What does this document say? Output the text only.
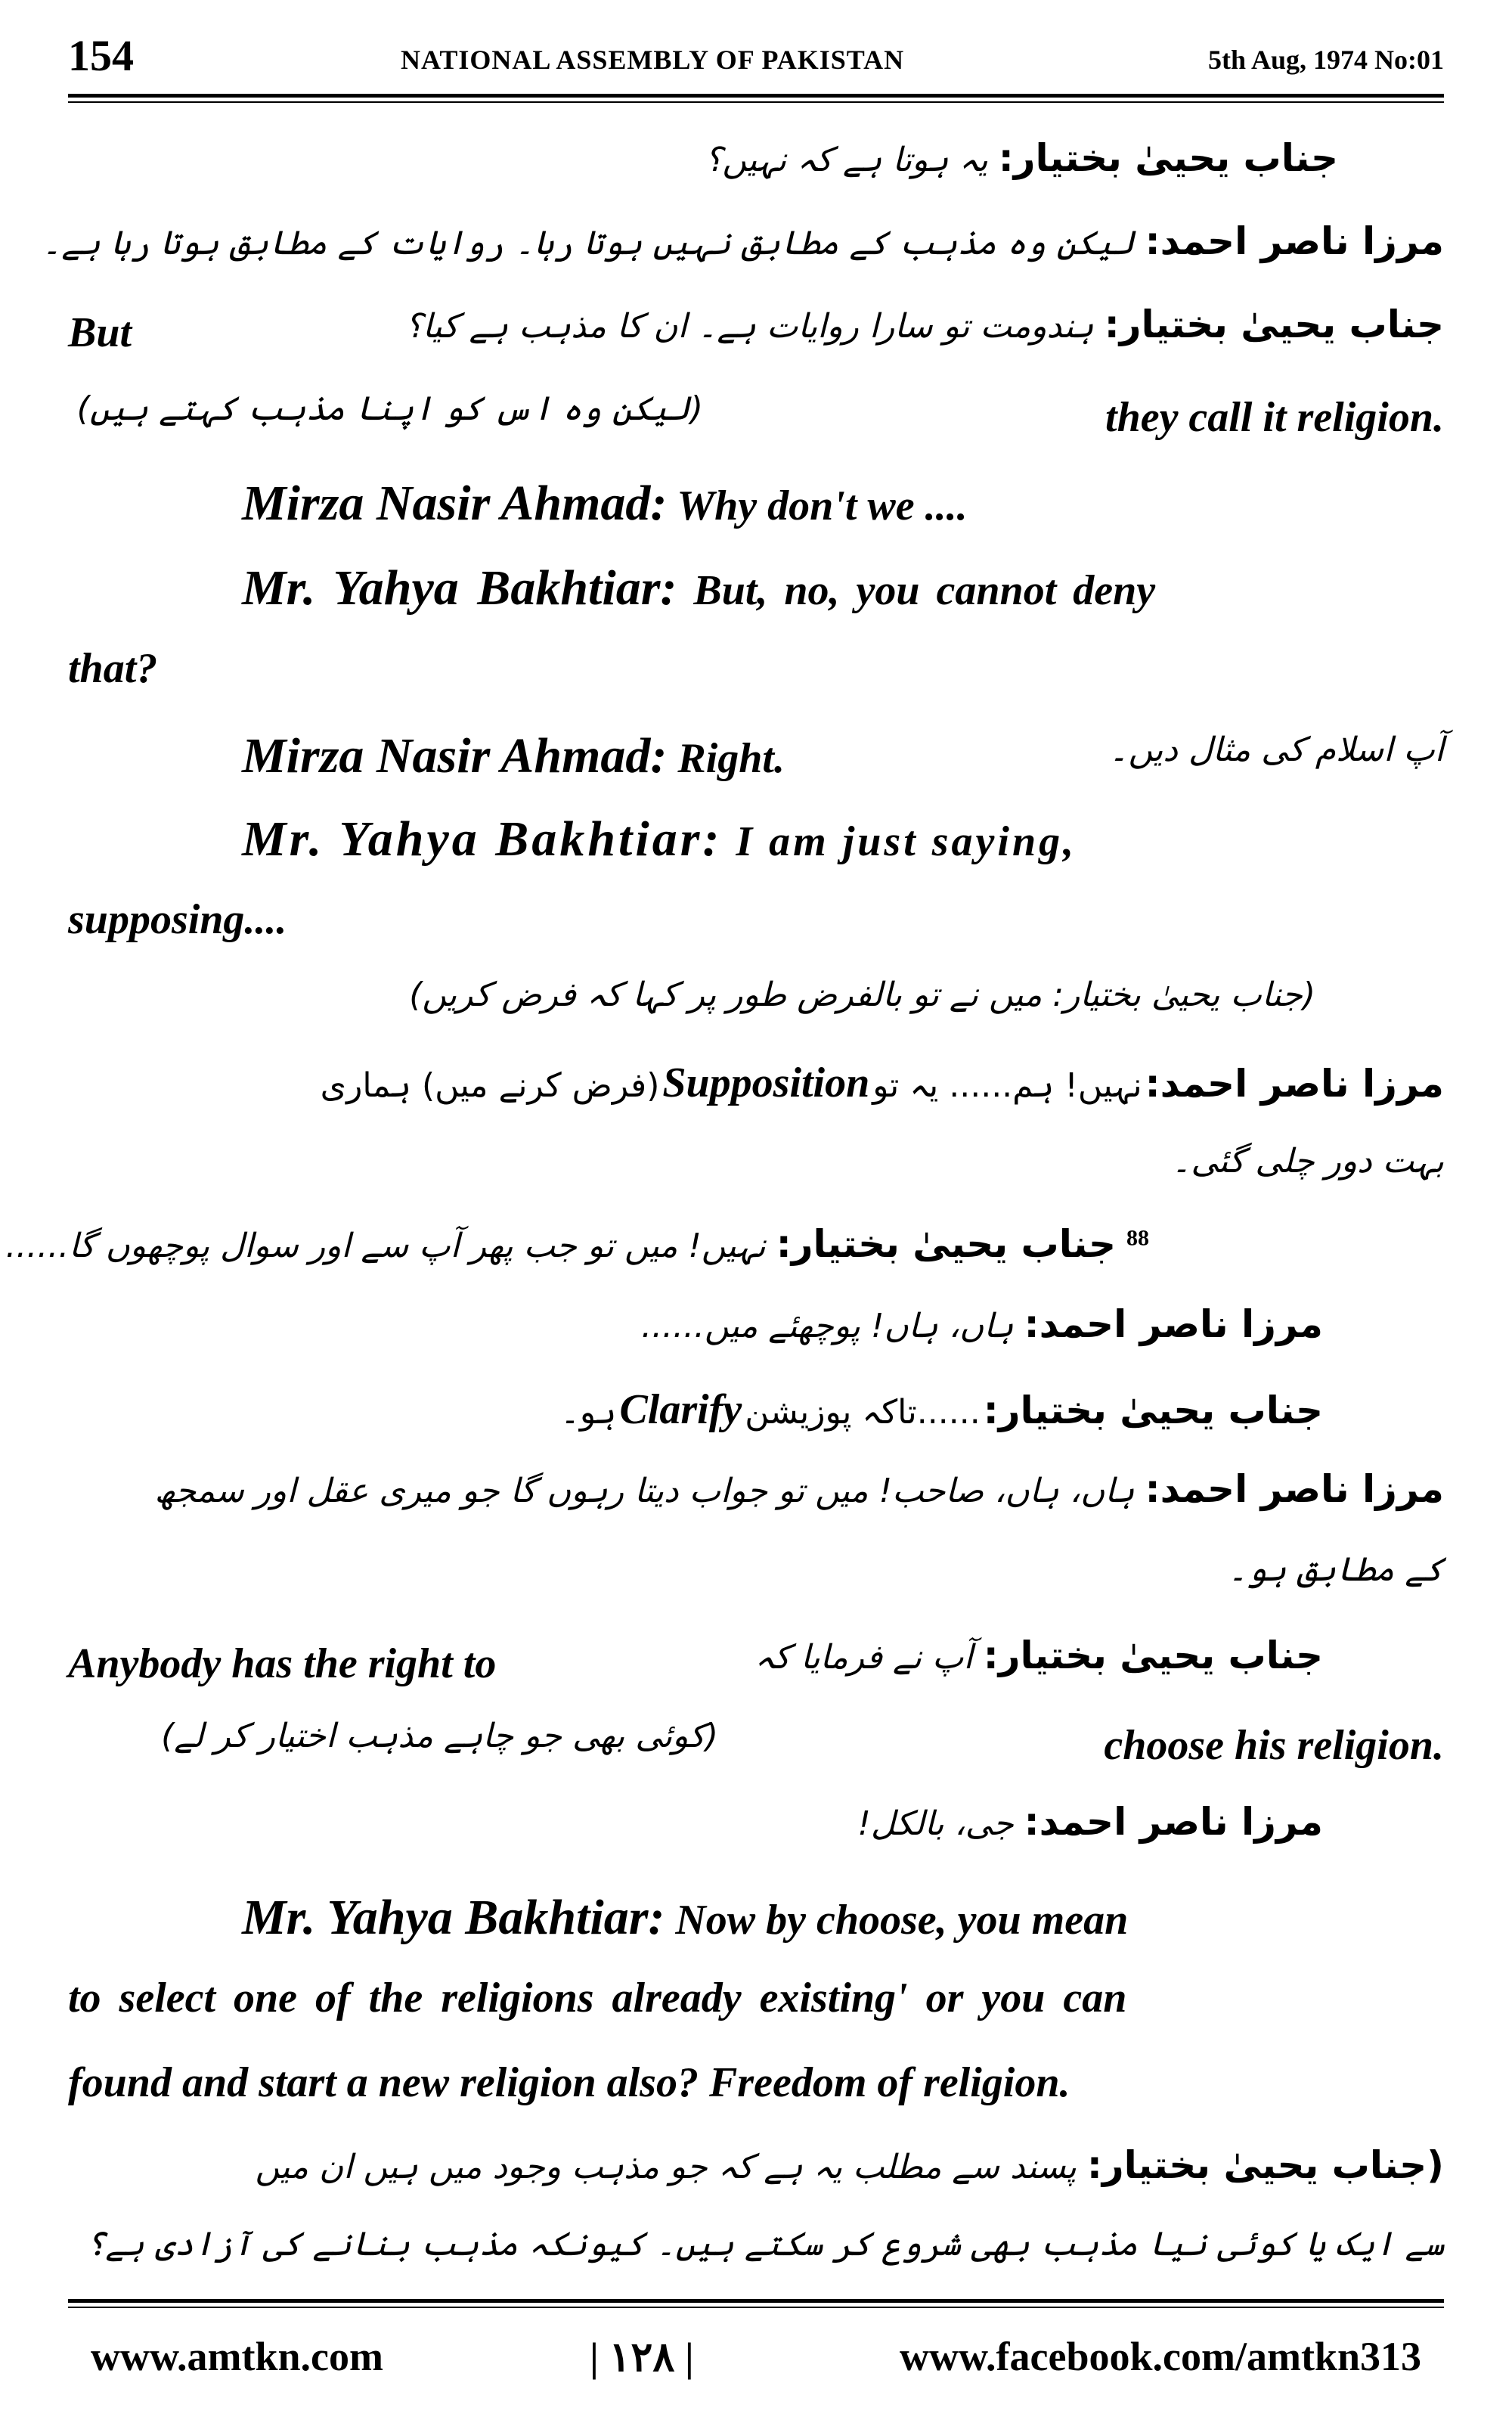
154	NATIONAL ASSEMBLY OF PAKISTAN	5th Aug, 1974 No:01
جناب یحییٰ بختیار: یہ ہوتا ہے کہ نہیں؟
مرزا ناصر احمد: لیکن وہ مذہب کے مطابق نہیں ہوتا رہا۔ روایات کے مطابق ہوتا رہا ہے۔
جناب یحییٰ بختیار: ہندومت تو سارا روایات ہے۔ ان کا مذہب ہے کیا؟
But
(لیکن وہ اس کو اپنا مذہب کہتے ہیں)	they call it religion.
Mirza Nasir Ahmad: Why don't we ....
Mr. Yahya Bakhtiar: But, no, you cannot deny
that?
Mirza Nasir Ahmad: Right.	آپ اسلام کی مثال دیں۔
Mr. Yahya Bakhtiar: I am just saying,
supposing....
(جناب یحییٰ بختیار: میں نے تو بالفرض طور پر کہا کہ فرض کریں)
مرزا ناصر احمد: نہیں! ہم...... یہ تو Supposition (فرض کرنے میں) ہماری
بہت دور چلی گئی۔
$^{88}$ جناب یحییٰ بختیار: نہیں! میں تو جب پھر آپ سے اور سوال پوچھوں گا......
مرزا ناصر احمد: ہاں، ہاں! پوچھئے میں......
جناب یحییٰ بختیار: ......تاکہ پوزیشن Clarify ہو۔
مرزا ناصر احمد: ہاں، ہاں، صاحب! میں تو جواب دیتا رہوں گا جو میری عقل اور سمجھ
کے مطابق ہو۔
جناب یحییٰ بختیار: آپ نے فرمایا کہ
Anybody has the right to
(کوئی بھی جو چاہے مذہب اختیار کر لے)	choose his religion.
مرزا ناصر احمد: جی، بالکل!
Mr. Yahya Bakhtiar: Now by choose, you mean
to select one of the religions already existing' or you can
found and start a new religion also? Freedom of religion.
(جناب یحییٰ بختیار: پسند سے مطلب یہ ہے کہ جو مذہب وجود میں ہیں ان میں
سے ایک یا کوئی نیا مذہب بھی شروع کر سکتے ہیں۔ کیونکہ مذہب بنانے کی آزادی ہے؟
www.amtkn.com	| ۱۲۸ |	www.facebook.com/amtkn313
